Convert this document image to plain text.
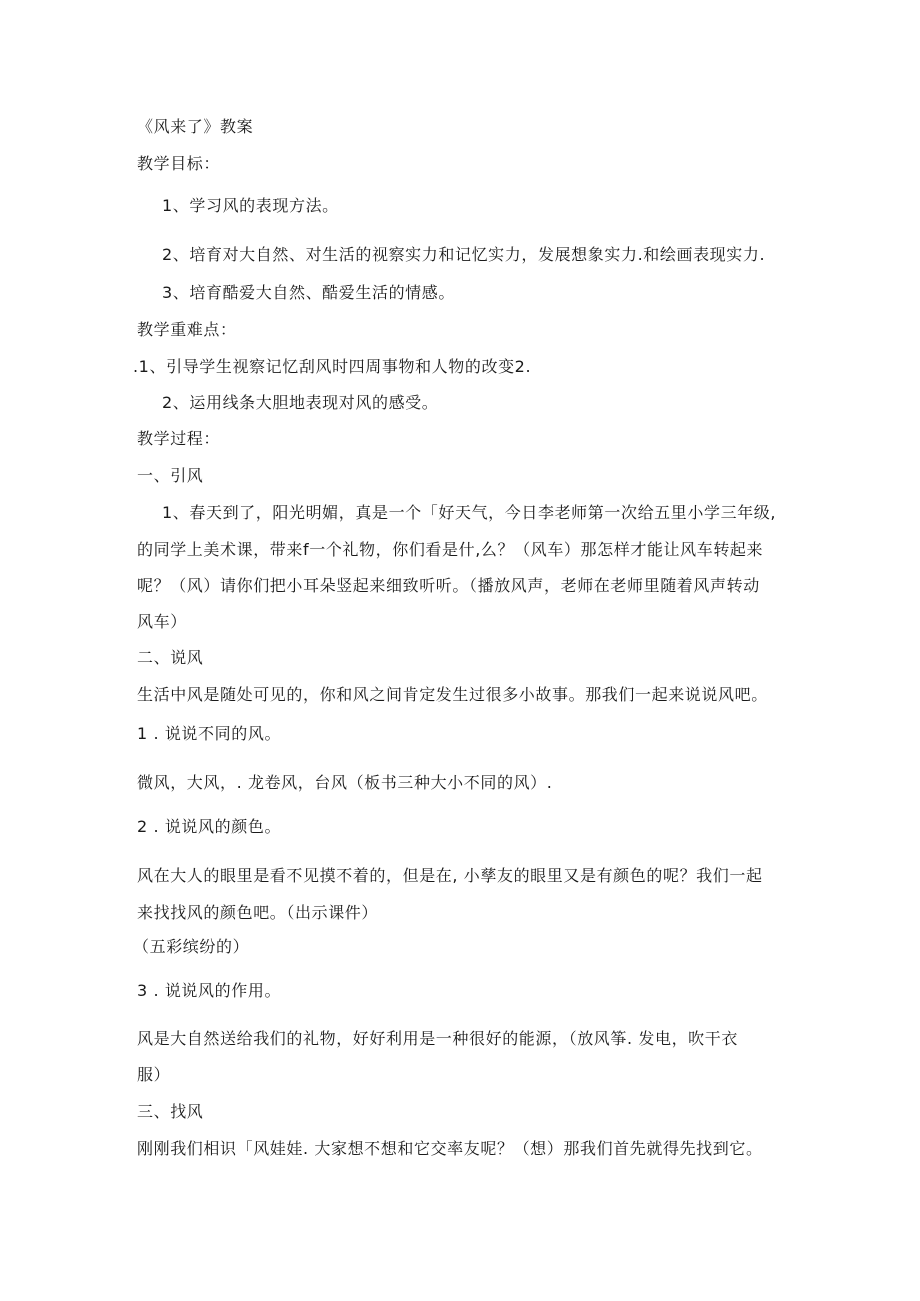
《风来了》教案
教学目标：
1、学习风的表现方法。
2、培育对大自然、对生活的视察实力和记忆实力，发展想象实力.和绘画表现实力.
3、培育酷爱大自然、酷爱生活的情感。
教学重难点：
.1、引导学生视察记忆刮风时四周事物和人物的改变2.
2、运用线条大胆地表现对风的感受。
教学过程：
一、引风
1、春天到了，阳光明媚，真是一个「好天气，今日李老师第一次给五里小学三年级,
的同学上美术课，带来f一个礼物，你们看是什,么？（风车）那怎样才能让风车转起来
呢？（风）请你们把小耳朵竖起来细致听听。（播放风声，老师在老师里随着风声转动
风车）
二、说风
生活中风是随处可见的，你和风之间肯定发生过很多小故事。那我们一起来说说风吧。
1 . 说说不同的风。
微风，大风，. 龙卷风，台风（板书三种大小不同的风）.
2 . 说说风的颜色。
风在大人的眼里是看不见摸不着的，但是在, 小孳友的眼里又是有颜色的呢？我们一起
来找找风的颜色吧。（出示课件）
（五彩缤纷的）
3 . 说说风的作用。
风是大自然送给我们的礼物，好好利用是一种很好的能源，（放风筝. 发电，吹干衣
服）
三、找风
刚刚我们相识「风娃娃. 大家想不想和它交率友呢？（想）那我们首先就得先找到它。
